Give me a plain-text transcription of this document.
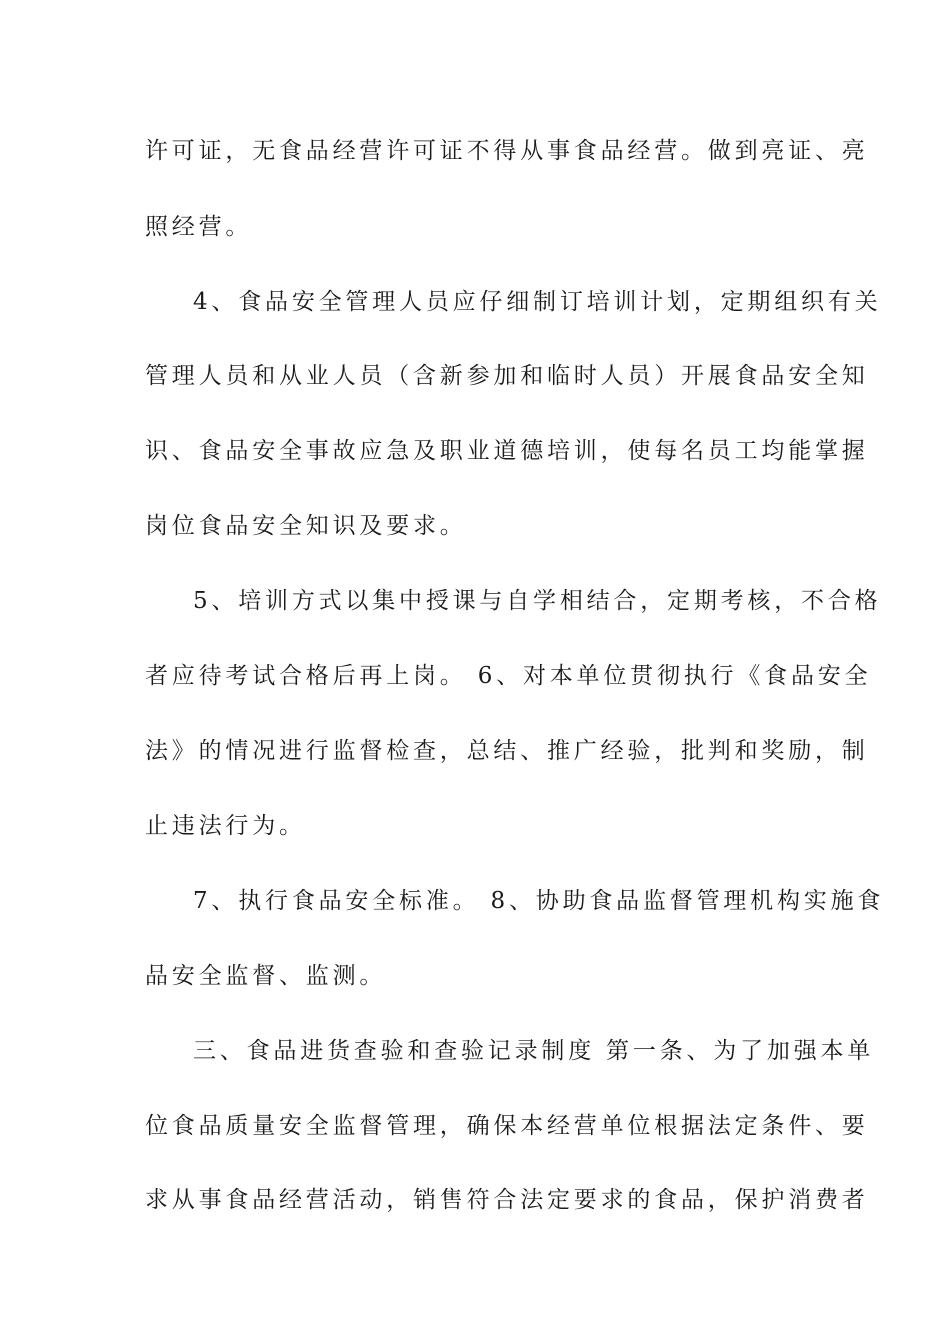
许可证，无食品经营许可证不得从事食品经营。做到亮证、亮
照经营。
4、食品安全管理人员应仔细制订培训计划，定期组织有关
管理人员和从业人员（含新参加和临时人员）开展食品安全知
识、食品安全事故应急及职业道德培训，使每名员工均能掌握
岗位食品安全知识及要求。
5、培训方式以集中授课与自学相结合，定期考核，不合格
者应待考试合格后再上岗。 6、对本单位贯彻执行《食品安全
法》的情况进行监督检查，总结、推广经验，批判和奖励，制
止违法行为。
7、执行食品安全标准。 8、协助食品监督管理机构实施食
品安全监督、监测。
三、食品进货查验和查验记录制度 第一条、为了加强本单
位食品质量安全监督管理，确保本经营单位根据法定条件、要
求从事食品经营活动，销售符合法定要求的食品，保护消费者
